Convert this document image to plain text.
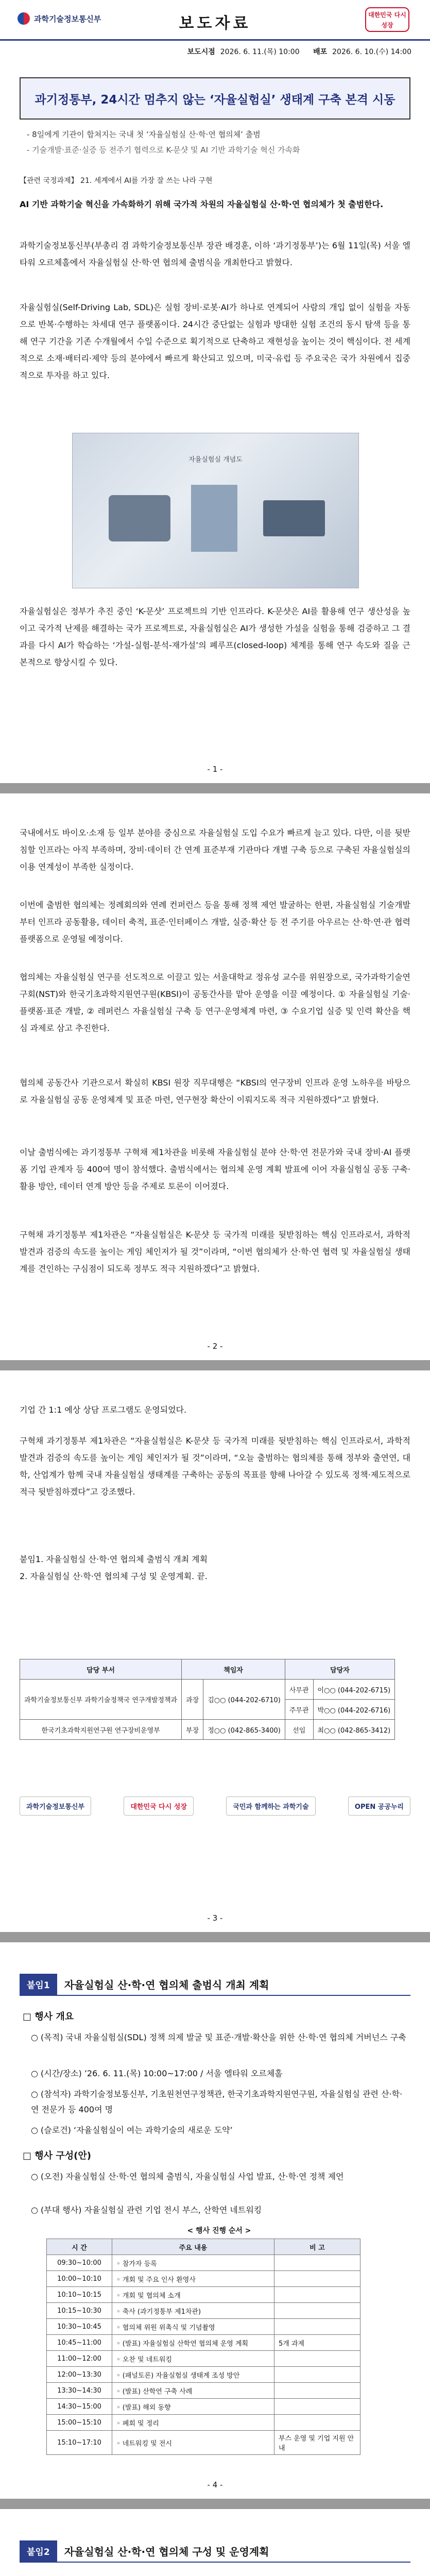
과학기술정보통신부	보도자료	대한민국 다시 성장
보도시점 2026. 6. 11.(목) 10:00 배포 2026. 6. 10.(수) 14:00
과기정통부, 24시간 멈추지 않는 ‘자율실험실’ 생태계 구축 본격 시동
- 8일에게 기관이 합쳐지는 국내 첫 ‘자율실험실 산·학·연 협의체’ 출범
- 기술개발·표준·실증 등 전주기 협력으로 K-문샷 및 AI 기반 과학기술 혁신 가속화
【관련 국정과제】 21. 세계에서 AI를 가장 잘 쓰는 나라 구현
AI 기반 과학기술 혁신을 가속화하기 위해 국가적 차원의 자율실험실 산·학·연 협의체가 첫 출범한다.
과학기술정보통신부(부총리 겸 과학기술정보통신부 장관 배경훈, 이하 ‘과기정통부’)는 6월 11일(목) 서울 엘타워 오르체홀에서 자율실험실 산·학·연 협의체 출범식을 개최한다고 밝혔다.
자율실험실(Self-Driving Lab, SDL)은 실험 장비·로봇·AI가 하나로 연계되어 사람의 개입 없이 실험을 자동으로 반복·수행하는 차세대 연구 플랫폼이다. 24시간 중단없는 실험과 방대한 실험 조건의 동시 탐색 등을 통해 연구 기간을 기존 수개월에서 수일 수준으로 획기적으로 단축하고 재현성을 높이는 것이 핵심이다. 전 세계적으로 소재·배터리·제약 등의 분야에서 빠르게 확산되고 있으며, 미국·유럽 등 주요국은 국가 차원에서 집중적으로 투자를 하고 있다.
자율실험실 개념도
자율실험실은 정부가 추진 중인 ‘K-문샷’ 프로젝트의 기반 인프라다. K-문샷은 AI를 활용해 연구 생산성을 높이고 국가적 난제를 해결하는 국가 프로젝트로, 자율실험실은 AI가 생성한 가설을 실험을 통해 검증하고 그 결과를 다시 AI가 학습하는 ‘가설-실험-분석-재가설’의 폐루프(closed-loop) 체계를 통해 연구 속도와 질을 근본적으로 향상시킬 수 있다.
- 1 -
국내에서도 바이오·소재 등 일부 분야를 중심으로 자율실험실 도입 수요가 빠르게 늘고 있다. 다만, 이를 뒷받침할 인프라는 아직 부족하며, 장비·데이터 간 연계 표준부재 기관마다 개별 구축 등으로 구축된 자율실험실의 이용 연계성이 부족한 실정이다.
이번에 출범한 협의체는 정례회의와 연례 컨퍼런스 등을 통해 정책 제언 발굴하는 한편, 자율실험실 기술개발부터 인프라 공동활용, 데이터 축적, 표준·인터페이스 개발, 실증·확산 등 전 주기를 아우르는 산·학·연·관 협력 플랫폼으로 운영될 예정이다.
협의체는 자율실험실 연구를 선도적으로 이끌고 있는 서울대학교 정유성 교수를 위원장으로, 국가과학기술연구회(NST)와 한국기초과학지원연구원(KBSI)이 공동간사를 맡아 운영을 이끌 예정이다. ① 자율실험실 기술·플랫폼·표준 개발, ② 레퍼런스 자율실험실 구축 등 연구·운영체계 마련, ③ 수요기업 실증 및 인력 확산을 핵심 과제로 삼고 추진한다.
협의체 공동간사 기관으로서 확실히 KBSI 원장 직무대행은 “KBSI의 연구장비 인프라 운영 노하우를 바탕으로 자율실험실 공동 운영체계 및 표준 마련, 연구현장 확산이 이뤄지도록 적극 지원하겠다”고 밝혔다.
이날 출범식에는 과기정통부 구혁채 제1차관을 비롯해 자율실험실 분야 산·학·연 전문가와 국내 장비·AI 플랫폼 기업 관계자 등 400여 명이 참석했다. 출범식에서는 협의체 운영 계획 발표에 이어 자율실험실 공동 구축·활용 방안, 데이터 연계 방안 등을 주제로 토론이 이어졌다.
구혁채 과기정통부 제1차관은 “자율실험실은 K-문샷 등 국가적 미래를 뒷받침하는 핵심 인프라로서, 과학적 발견과 검증의 속도를 높이는 게임 체인저가 될 것”이라며, “이번 협의체가 산·학·연 협력 및 자율실험실 생태계를 견인하는 구심점이 되도록 정부도 적극 지원하겠다”고 밝혔다.
- 2 -
기업 간 1:1 예상 상담 프로그램도 운영되었다.
구혁채 과기정통부 제1차관은 “자율실험실은 K-문샷 등 국가적 미래를 뒷받침하는 핵심 인프라로서, 과학적 발견과 검증의 속도를 높이는 게임 체인저가 될 것”이라며, “오늘 출범하는 협의체를 통해 정부와 출연연, 대학, 산업계가 함께 국내 자율실험실 생태계를 구축하는 공동의 목표를 향해 나아갈 수 있도록 정책·제도적으로 적극 뒷받침하겠다”고 강조했다.
붙임1. 자율실험실 산·학·연 협의체 출범식 개최 계획
2. 자율실험실 산·학·연 협의체 구성 및 운영계획. 끝.
담당 부서	책임자		담당자	
과학기술정보통신부 과학기술정책국 연구개발정책과	과장	김○○ (044-202-6710)	사무관	이○○ (044-202-6715)
			주무관	박○○ (044-202-6716)
한국기초과학지원연구원 연구장비운영부	부장	정○○ (042-865-3400)	선임	최○○ (042-865-3412)
과학기술정보통신부	대한민국 다시 성장	국민과 함께하는 과학기술	OPEN 공공누리
- 3 -
붙임1	자율실험실 산·학·연 협의체 출범식 개최 계획
□ 행사 개요
○ (목적) 국내 자율실험실(SDL) 정책 의제 발굴 및 표준·개발·확산을 위한 산·학·연 협의체 거버넌스 구축
○ (시간/장소) ’26. 6. 11.(목) 10:00~17:00 / 서울 엘타워 오르체홀
○ (참석자) 과학기술정보통신부, 기초원천연구정책관, 한국기초과학지원연구원, 자율실험실 관련 산·학·연 전문가 등 400여 명
○ (슬로건) ‘자율실험실이 여는 과학기술의 새로운 도약’
□ 행사 구성(안)
○ (오전) 자율실험실 산·학·연 협의체 출범식, 자율실험실 사업 발표, 산·학·연 정책 제언
○ (부대 행사) 자율실험실 관련 기업 전시 부스, 산학연 네트워킹
< 행사 진행 순서 >
시 간	주요 내용	비 고
09:30~10:00	◦ 참가자 등록	
10:00~10:10	◦ 개회 및 주요 인사 환영사	
10:10~10:15	◦ 개회 및 협의체 소개	
10:15~10:30	◦ 축사 (과기정통부 제1차관)	
10:30~10:45	◦ 협의체 위원 위촉식 및 기념촬영	
10:45~11:00	◦ (발표) 자율실험실 산학연 협의체 운영 계획	5개 과제
11:00~12:00	◦ 오찬 및 네트워킹	
12:00~13:30	◦ (패널토론) 자율실험실 생태계 조성 방안	
13:30~14:30	◦ (발표) 산학연 구축 사례	
14:30~15:00	◦ (발표) 해외 동향	
15:00~15:10	◦ 폐회 및 정리	
15:10~17:10	◦ 네트워킹 및 전시	부스 운영 및 기업 지원 안내
- 4 -
붙임2	자율실험실 산·학·연 협의체 구성 및 운영계획
